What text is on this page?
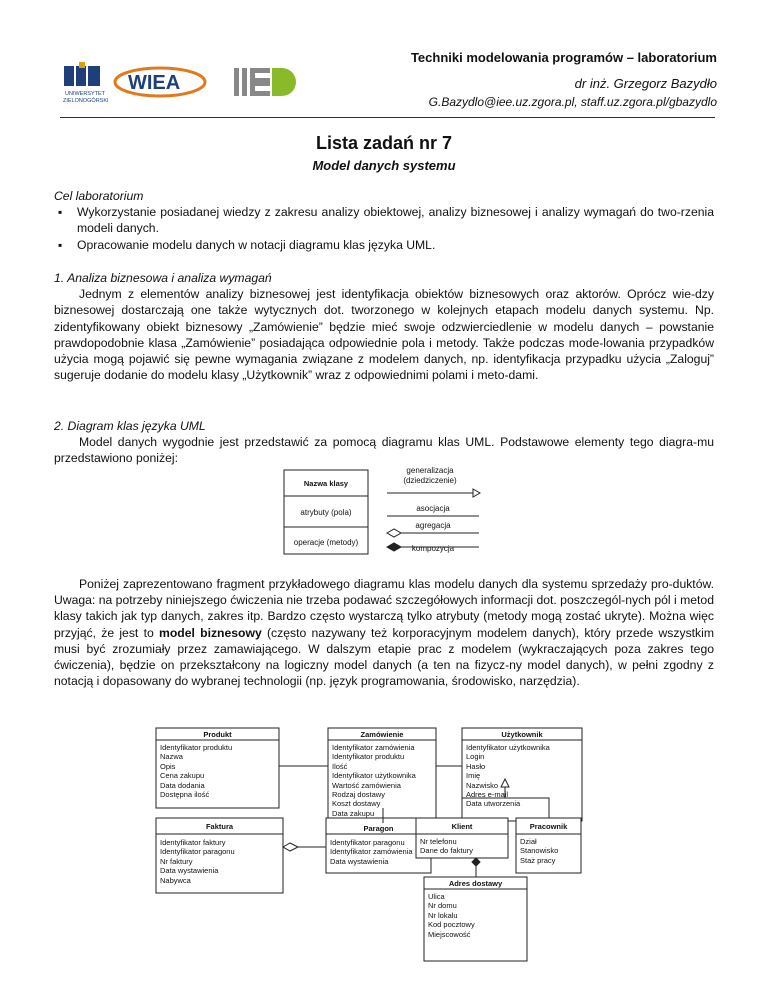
UNIWERSYTET
ZIELONOGÓRSKI
WIEA
Techniki modelowania programów – laboratorium
dr inż. Grzegorz Bazydło
G.Bazydlo@iee.uz.zgora.pl, staff.uz.zgora.pl/gbazydlo
Lista zadań nr 7
Model danych systemu

Cel laboratorium

▪ Wykorzystanie posiadanej wiedzy z zakresu analizy obiektowej, analizy biznesowej i analizy wymagań do two-rzenia modeli danych.
▪ Opracowanie modelu danych w notacji diagramu klas języka UML.

1. Analiza biznesowa i analiza wymagań

Jednym z elementów analizy biznesowej jest identyfikacja obiektów biznesowych oraz aktorów. Oprócz wie-dzy biznesowej dostarczają one także wytycznych dot. tworzonego w kolejnych etapach modelu danych systemu. Np. zidentyfikowany obiekt biznesowy „Zamówienie” będzie mieć swoje odzwierciedlenie w modelu danych – powstanie prawdopodobnie klasa „Zamówienie” posiadająca odpowiednie pola i metody. Także podczas mode-lowania przypadków użycia mogą pojawić się pewne wymagania związane z modelem danych, np. identyfikacja przypadku użycia „Zaloguj” sugeruje dodanie do modelu klasy „Użytkownik” wraz z odpowiednimi polami i meto-dami.

2. Diagram klas języka UML

Model danych wygodnie jest przedstawić za pomocą diagramu klas UML. Podstawowe elementy tego diagra-mu przedstawiono poniżej:

Nazwa klasy
atrybuty (pola)
operacje (metody)
generalizacja
(dziedziczenie)
asocjacja
agregacja
kompozycja

Poniżej zaprezentowano fragment przykładowego diagramu klas modelu danych dla systemu sprzedaży pro-duktów. Uwaga: na potrzeby niniejszego ćwiczenia nie trzeba podawać szczegółowych informacji dot. poszczegól-nych pól i metod klasy takich jak typ danych, zakres itp. Bardzo często wystarczą tylko atrybuty (metody mogą zostać ukryte). Można więc przyjąć, że jest to model biznesowy (często nazywany też korporacyjnym modelem danych), który przede wszystkim musi być zrozumiały przez zamawiającego. W dalszym etapie prac z modelem (wykraczających poza zakres tego ćwiczenia), będzie on przekształcony na logiczny model danych (a ten na fizycz-ny model danych), w pełni zgodny z notacją i dopasowany do wybranej technologii (np. język programowania, środowisko, narzędzia).

Produkt
Identyfikator produktu
Nazwa
Opis
Cena zakupu
Data dodania
Dostępna ilość
Zamówienie
Identyfikator zamówienia
Identyfikator produktu
Ilość
Identyfikator użytkownika
Wartość zamówienia
Rodzaj dostawy
Koszt dostawy
Data zakupu
Użytkownik
Identyfikator użytkownika
Login
Hasło
Imię
Nazwisko
Adres e-mail
Data utworzenia
Faktura
Identyfikator faktury
Identyfikator paragonu
Nr faktury
Data wystawienia
Nabywca
Paragon
Identyfikator paragonu
Identyfikator zamówienia
Data wystawienia
Klient
Nr telefonu
Dane do faktury
Pracownik
Dział
Stanowisko
Staż pracy
Adres dostawy
Ulica
Nr domu
Nr lokalu
Kod pocztowy
Miejscowość
